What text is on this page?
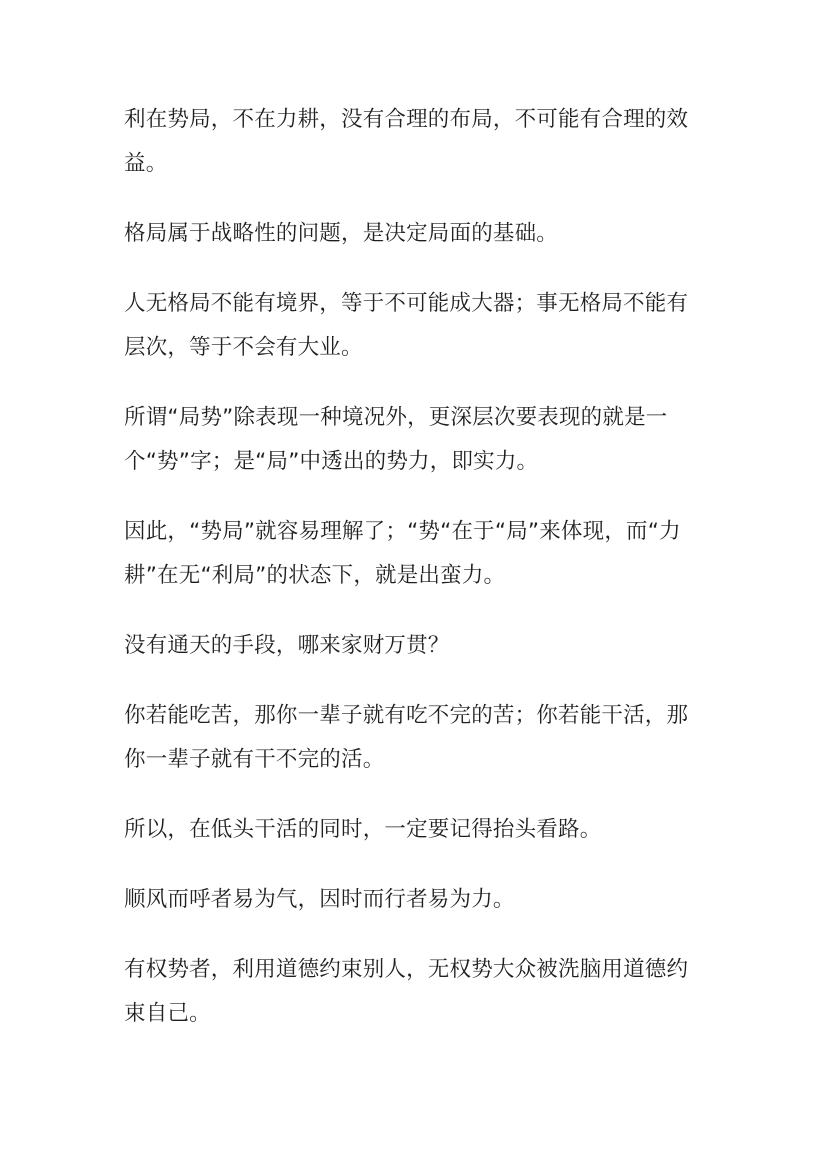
利在势局，不在力耕，没有合理的布局，不可能有合理的效益。

格局属于战略性的问题，是决定局面的基础。

人无格局不能有境界，等于不可能成大器；事无格局不能有层次，等于不会有大业。

所谓“局势”除表现一种境况外，更深层次要表现的就是一个“势”字；是“局”中透出的势力，即实力。

因此，“势局”就容易理解了；“势“在于“局”来体现，而“力耕”在无“利局”的状态下，就是出蛮力。

没有通天的手段，哪来家财万贯？

你若能吃苦，那你一辈子就有吃不完的苦；你若能干活，那你一辈子就有干不完的活。

所以，在低头干活的同时，一定要记得抬头看路。

顺风而呼者易为气，因时而行者易为力。

有权势者，利用道德约束别人，无权势大众被洗脑用道德约束自己。
